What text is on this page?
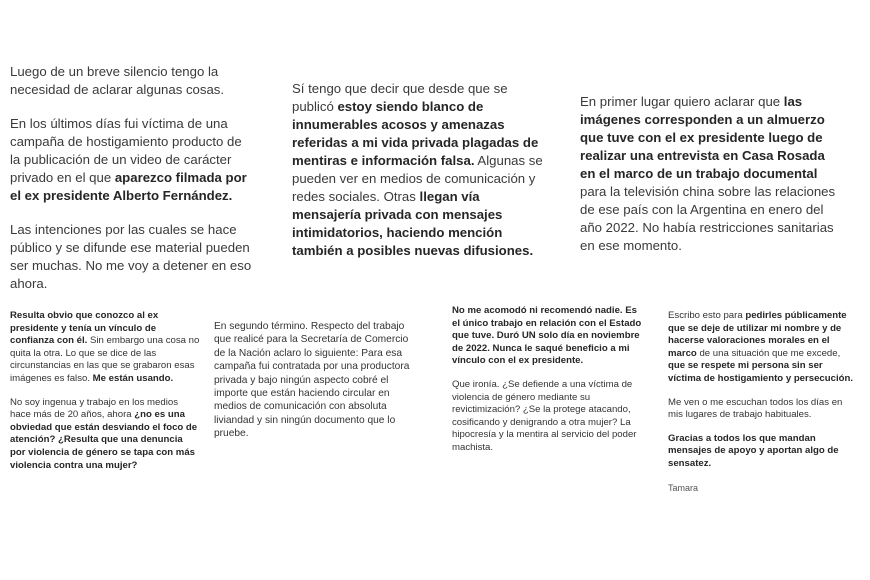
Luego de un breve silencio tengo la necesidad de aclarar algunas cosas.

En los últimos días fui víctima de una campaña de hostigamiento producto de la publicación de un video de carácter privado en el que aparezco filmada por el ex presidente Alberto Fernández.

Las intenciones por las cuales se hace público y se difunde ese material pueden ser muchas. No me voy a detener en eso ahora.

Sí tengo que decir que desde que se publicó estoy siendo blanco de innumerables acosos y amenazas referidas a mi vida privada plagadas de mentiras e información falsa. Algunas se pueden ver en medios de comunicación y redes sociales. Otras llegan vía mensajería privada con mensajes intimidatorios, haciendo mención también a posibles nuevas difusiones.

En primer lugar quiero aclarar que las imágenes corresponden a un almuerzo que tuve con el ex presidente luego de realizar una entrevista en Casa Rosada en el marco de un trabajo documental para la televisión china sobre las relaciones de ese país con la Argentina en enero del año 2022. No había restricciones sanitarias en ese momento.

Resulta obvio que conozco al ex presidente y tenía un vínculo de confianza con él. Sin embargo una cosa no quita la otra. Lo que se dice de las circunstancias en las que se grabaron esas imágenes es falso. Me están usando.

No soy ingenua y trabajo en los medios hace más de 20 años, ahora ¿no es una obviedad que están desviando el foco de atención? ¿Resulta que una denuncia por violencia de género se tapa con más violencia contra una mujer?

En segundo término. Respecto del trabajo que realicé para la Secretaría de Comercio de la Nación aclaro lo siguiente: Para esa campaña fui contratada por una productora privada y bajo ningún aspecto cobré el importe que están haciendo circular en medios de comunicación con absoluta liviandad y sin ningún documento que lo pruebe.

No me acomodó ni recomendó nadie. Es el único trabajo en relación con el Estado que tuve. Duró UN solo día en noviembre de 2022. Nunca le saqué beneficio a mi vínculo con el ex presidente.

Que ironía. ¿Se defiende a una víctima de violencia de género mediante su revictimización? ¿Se la protege atacando, cosificando y denigrando a otra mujer? La hipocresía y la mentira al servicio del poder machista.

Escribo esto para pedirles públicamente que se deje de utilizar mi nombre y de hacerse valoraciones morales en el marco de una situación que me excede, que se respete mi persona sin ser víctima de hostigamiento y persecución.

Me ven o me escuchan todos los días en mis lugares de trabajo habituales.

Gracias a todos los que mandan mensajes de apoyo y aportan algo de sensatez.

Tamara
